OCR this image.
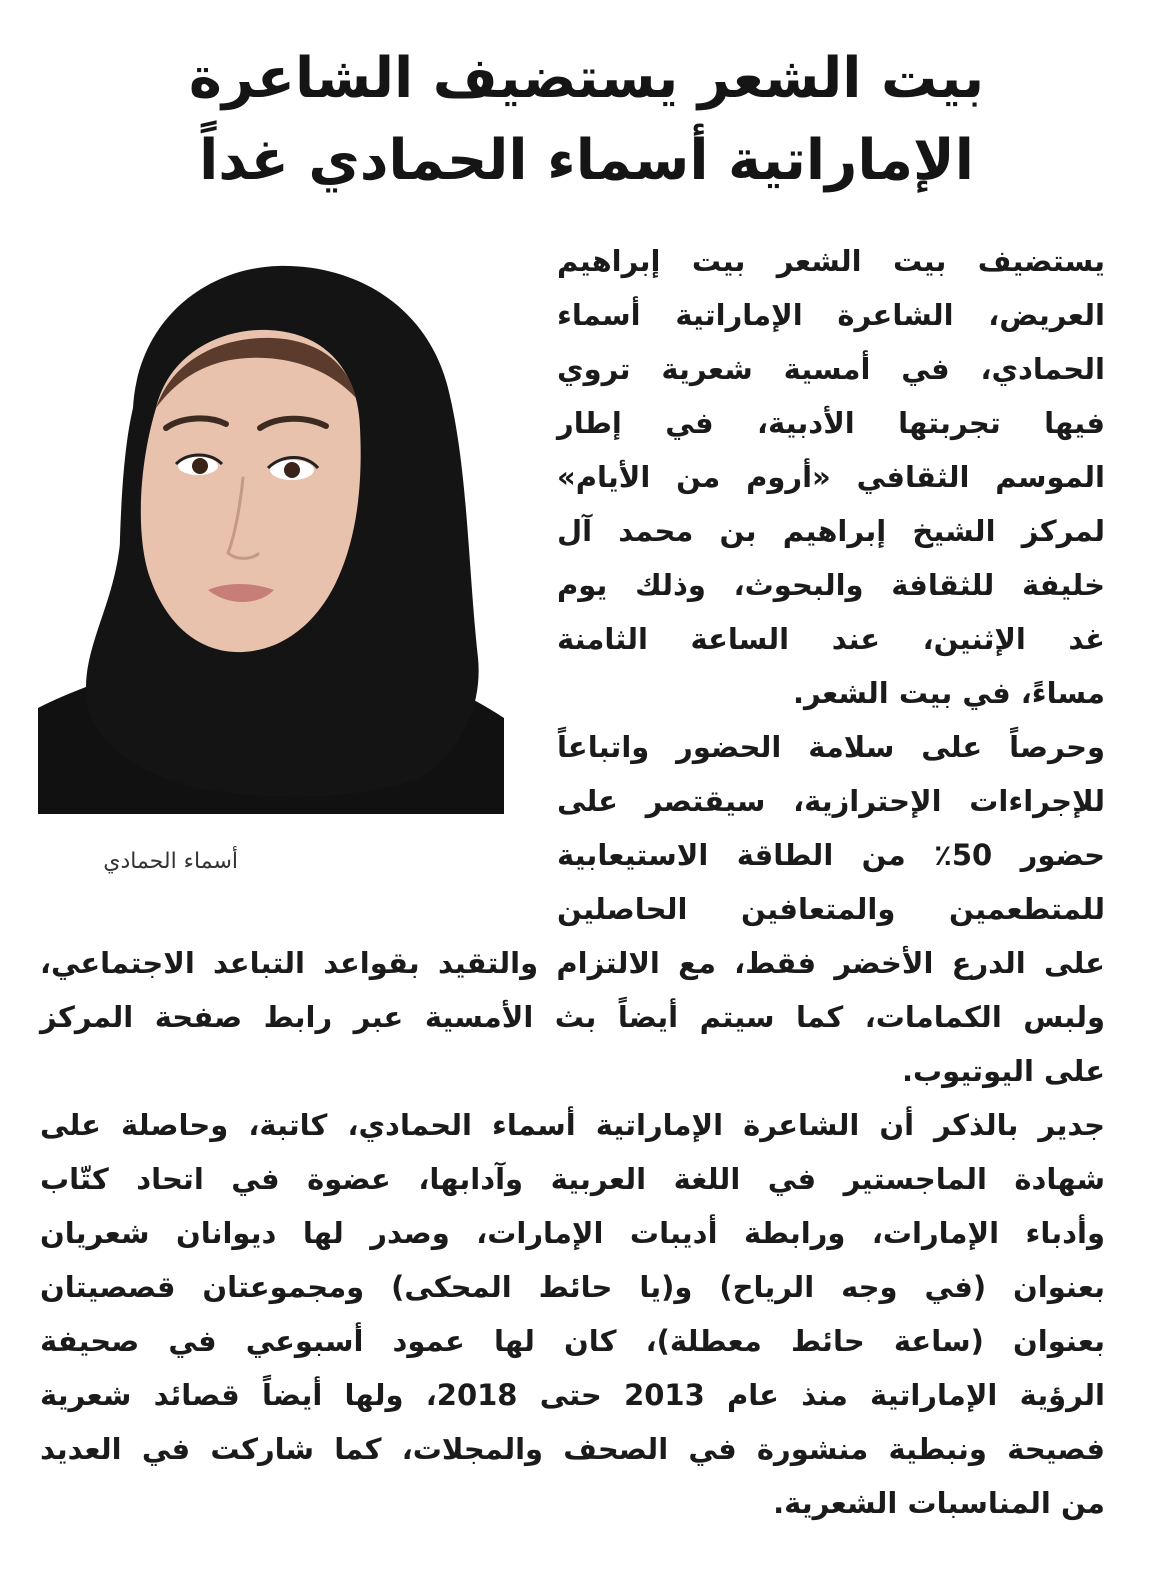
بيت الشعر يستضيف الشاعرة
الإماراتية أسماء الحمادي غداً
أسماء الحمادي
يستضيف بيت الشعر بيت إبراهيم
العريض، الشاعرة الإماراتية أسماء
الحمادي، في أمسية شعرية تروي
فيها تجربتها الأدبية، في إطار
الموسم الثقافي «أروم من الأيام»
لمركز الشيخ إبراهيم بن محمد آل
خليفة للثقافة والبحوث، وذلك يوم
غد الإثنين، عند الساعة الثامنة
مساءً، في بيت الشعر.
وحرصاً على سلامة الحضور واتباعاً
للإجراءات الإحترازية، سيقتصر على
حضور 50٪ من الطاقة الاستيعابية
للمتطعمين والمتعافين الحاصلين
على الدرع الأخضر فقط، مع الالتزام والتقيد بقواعد التباعد الاجتماعي،
ولبس الكمامات، كما سيتم أيضاً بث الأمسية عبر رابط صفحة المركز
على اليوتيوب.
جدير بالذكر أن الشاعرة الإماراتية أسماء الحمادي، كاتبة، وحاصلة على
شهادة الماجستير في اللغة العربية وآدابها، عضوة في اتحاد كتّاب
وأدباء الإمارات، ورابطة أديبات الإمارات، وصدر لها ديوانان شعريان
بعنوان (في وجه الرياح) و(يا حائط المحكى) ومجموعتان قصصيتان
بعنوان (ساعة حائط معطلة)، كان لها عمود أسبوعي في صحيفة
الرؤية الإماراتية منذ عام 2013 حتى 2018، ولها أيضاً قصائد شعرية
فصيحة ونبطية منشورة في الصحف والمجلات، كما شاركت في العديد
من المناسبات الشعرية.
